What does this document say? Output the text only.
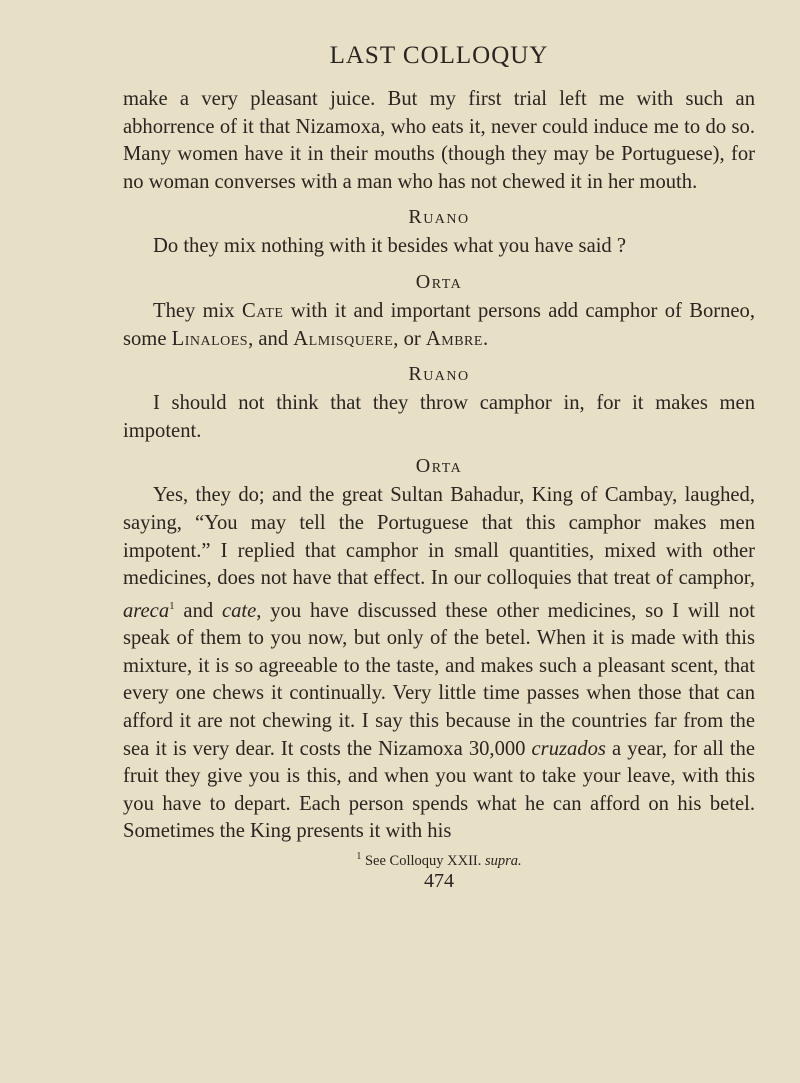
LAST COLLOQUY

make a very pleasant juice. But my first trial left me with such an abhorrence of it that Nizamoxa, who eats it, never could induce me to do so. Many women have it in their mouths (though they may be Portuguese), for no woman converses with a man who has not chewed it in her mouth.

Ruano

Do they mix nothing with it besides what you have said ?

Orta

They mix Cate with it and important persons add camphor of Borneo, some Linaloes, and Almisquere, or Ambre.

Ruano

I should not think that they throw camphor in, for it makes men impotent.

Orta

Yes, they do; and the great Sultan Bahadur, King of Cambay, laughed, saying, “You may tell the Portuguese that this camphor makes men impotent.” I replied that camphor in small quantities, mixed with other medicines, does not have that effect. In our colloquies that treat of camphor, areca$^1$ and cate, you have discussed these other medicines, so I will not speak of them to you now, but only of the betel. When it is made with this mixture, it is so agreeable to the taste, and makes such a pleasant scent, that every one chews it continually. Very little time passes when those that can afford it are not chewing it. I say this because in the countries far from the sea it is very dear. It costs the Nizamoxa 30,000 cruzados a year, for all the fruit they give you is this, and when you want to take your leave, with this you have to depart. Each person spends what he can afford on his betel. Sometimes the King presents it with his

$^1$ See Colloquy XXII. supra.
474
